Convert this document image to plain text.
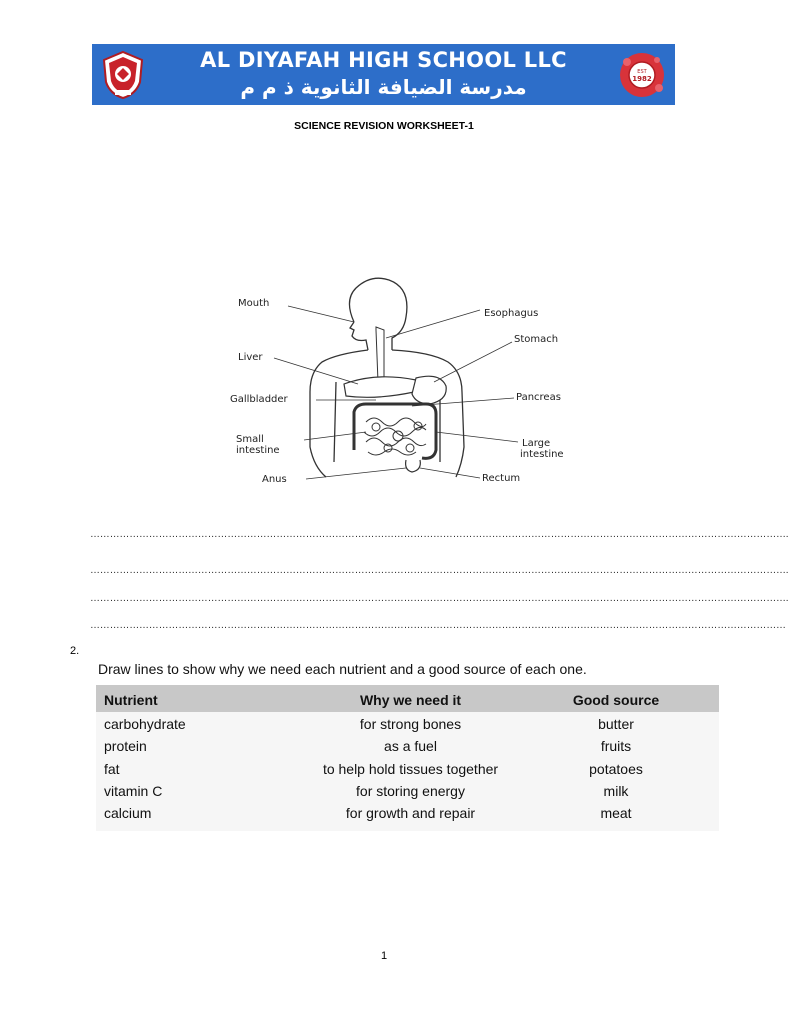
AL DIYAFAH HIGH SCHOOL LLC
مدرسة الضيافة الثانوية ذ م م
EST
1982
SCIENCE REVISION WORKSHEET-1
Mouth
Esophagus
Stomach
Liver
Gallbladder	Pancreas
Small
intestine
Large
intestine
Anus	Rectum
…………………………………………………………………………………………………………………………………………………………………………………………….
…………………………………………………………………………………………………………………………………………………………………………………………….
…………………………………………………………………………………………………………………………………………………………………………………………….
……………………………………………………………………………………………………………………………………………………………………………………………
2.
Draw lines to show why we need each nutrient and a good source of each one.
Nutrient	Why we need it	Good source
carbohydrate	for strong bones	butter
protein	as a fuel	fruits
fat	to help hold tissues together	potatoes
vitamin C	for storing energy	milk
calcium	for growth and repair	meat
1
